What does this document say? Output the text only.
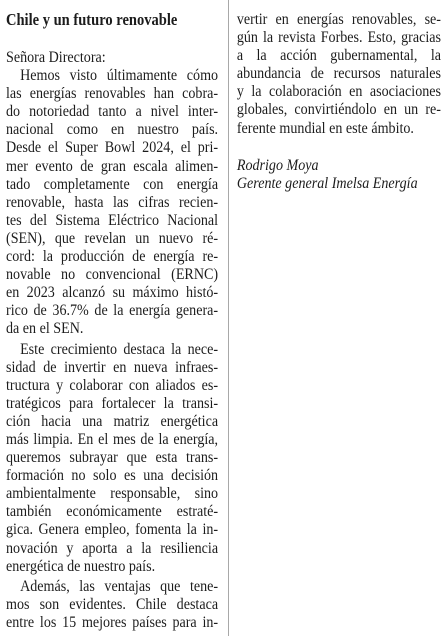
Chile y un futuro renovable
Señora Directora:
Hemos visto últimamente cómo
las energías renovables han cobra-
do notoriedad tanto a nivel inter-
nacional como en nuestro país.
Desde el Super Bowl 2024, el pri-
mer evento de gran escala alimen-
tado completamente con energía
renovable, hasta las cifras recien-
tes del Sistema Eléctrico Nacional
(SEN), que revelan un nuevo ré-
cord: la producción de energía re-
novable no convencional (ERNC)
en 2023 alcanzó su máximo histó-
rico de 36.7% de la energía genera-
da en el SEN.
Este crecimiento destaca la nece-
sidad de invertir en nueva infraes-
tructura y colaborar con aliados es-
tratégicos para fortalecer la transi-
ción hacia una matriz energética
más limpia. En el mes de la energía,
queremos subrayar que esta trans-
formación no solo es una decisión
ambientalmente responsable, sino
también económicamente estraté-
gica. Genera empleo, fomenta la in-
novación y aporta a la resiliencia
energética de nuestro país.
Además, las ventajas que tene-
mos son evidentes. Chile destaca
entre los 15 mejores países para in-
vertir en energías renovables, se-
gún la revista Forbes. Esto, gracias
a la acción gubernamental, la
abundancia de recursos naturales
y la colaboración en asociaciones
globales, convirtiéndolo en un re-
ferente mundial en este ámbito.
Rodrigo Moya
Gerente general Imelsa Energía
